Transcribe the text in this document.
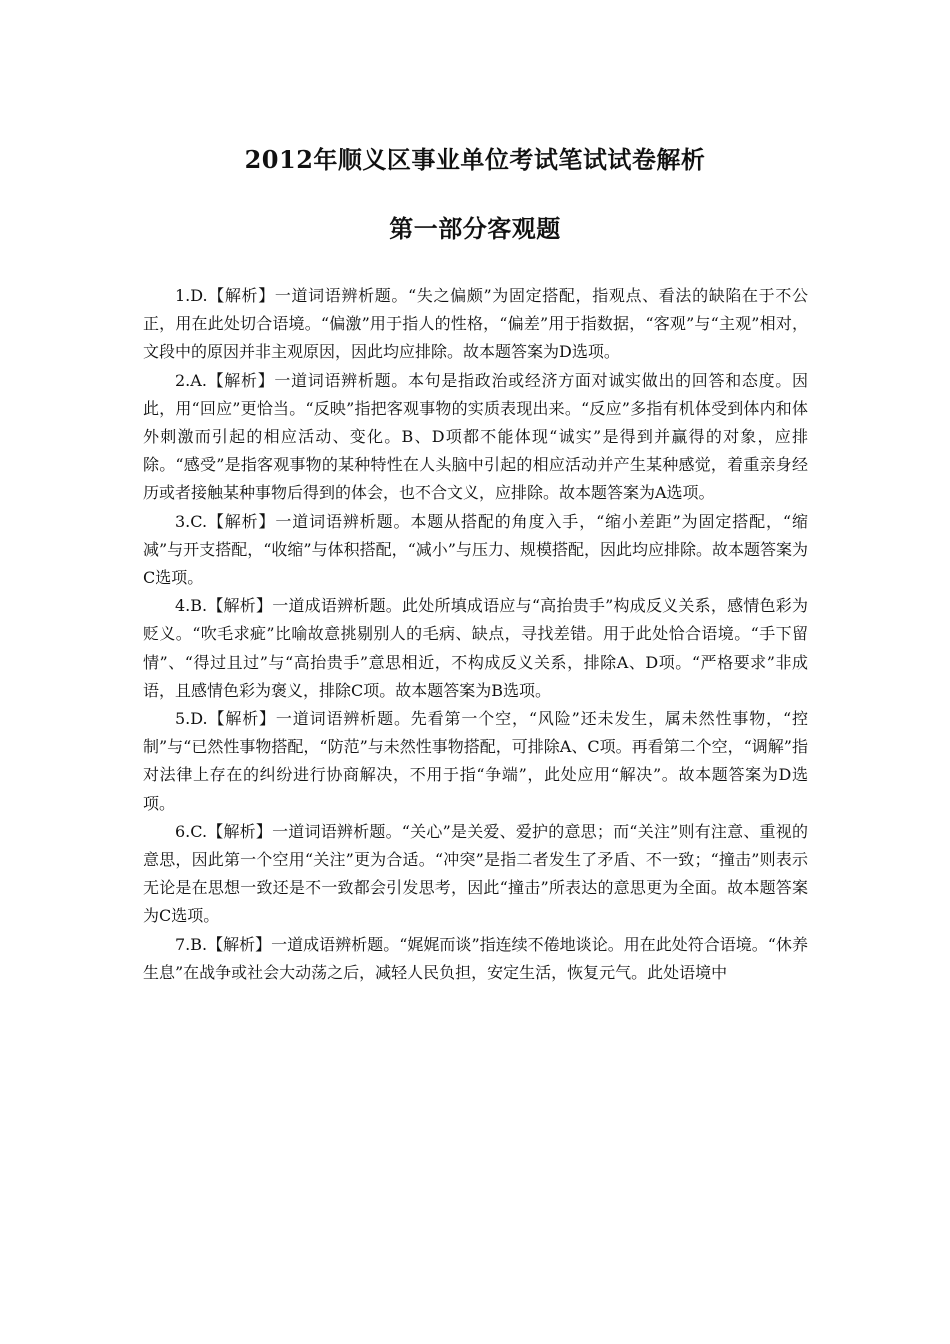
2012年顺义区事业单位考试笔试试卷解析
第一部分客观题

1.D.【解析】一道词语辨析题。“失之偏颇”为固定搭配，指观点、看法的缺陷在于不公正，用在此处切合语境。“偏激”用于指人的性格，“偏差”用于指数据，“客观”与“主观”相对，文段中的原因并非主观原因，因此均应排除。故本题答案为D选项。

2.A.【解析】一道词语辨析题。本句是指政治或经济方面对诚实做出的回答和态度。因此，用“回应”更恰当。“反映”指把客观事物的实质表现出来。“反应”多指有机体受到体内和体外刺激而引起的相应活动、变化。B、D项都不能体现“诚实”是得到并赢得的对象，应排除。“感受”是指客观事物的某种特性在人头脑中引起的相应活动并产生某种感觉，着重亲身经历或者接触某种事物后得到的体会，也不合文义，应排除。故本题答案为A选项。

3.C.【解析】一道词语辨析题。本题从搭配的角度入手，“缩小差距”为固定搭配，“缩减”与开支搭配，“收缩”与体积搭配，“减小”与压力、规模搭配，因此均应排除。故本题答案为C选项。

4.B.【解析】一道成语辨析题。此处所填成语应与“高抬贵手”构成反义关系，感情色彩为贬义。“吹毛求疵”比喻故意挑剔别人的毛病、缺点，寻找差错。用于此处恰合语境。“手下留情”、“得过且过”与“高抬贵手”意思相近，不构成反义关系，排除A、D项。“严格要求”非成语，且感情色彩为褒义，排除C项。故本题答案为B选项。

5.D.【解析】一道词语辨析题。先看第一个空，“风险”还未发生，属未然性事物，“控制”与“已然性事物搭配，“防范”与未然性事物搭配，可排除A、C项。再看第二个空，“调解”指对法律上存在的纠纷进行协商解决，不用于指“争端”，此处应用“解决”。故本题答案为D选项。

6.C.【解析】一道词语辨析题。“关心”是关爱、爱护的意思；而“关注”则有注意、重视的意思，因此第一个空用“关注”更为合适。“冲突”是指二者发生了矛盾、不一致；“撞击”则表示无论是在思想一致还是不一致都会引发思考，因此“撞击”所表达的意思更为全面。故本题答案为C选项。

7.B.【解析】一道成语辨析题。“娓娓而谈”指连续不倦地谈论。用在此处符合语境。“休养生息”在战争或社会大动荡之后，减轻人民负担，安定生活，恢复元气。此处语境中
